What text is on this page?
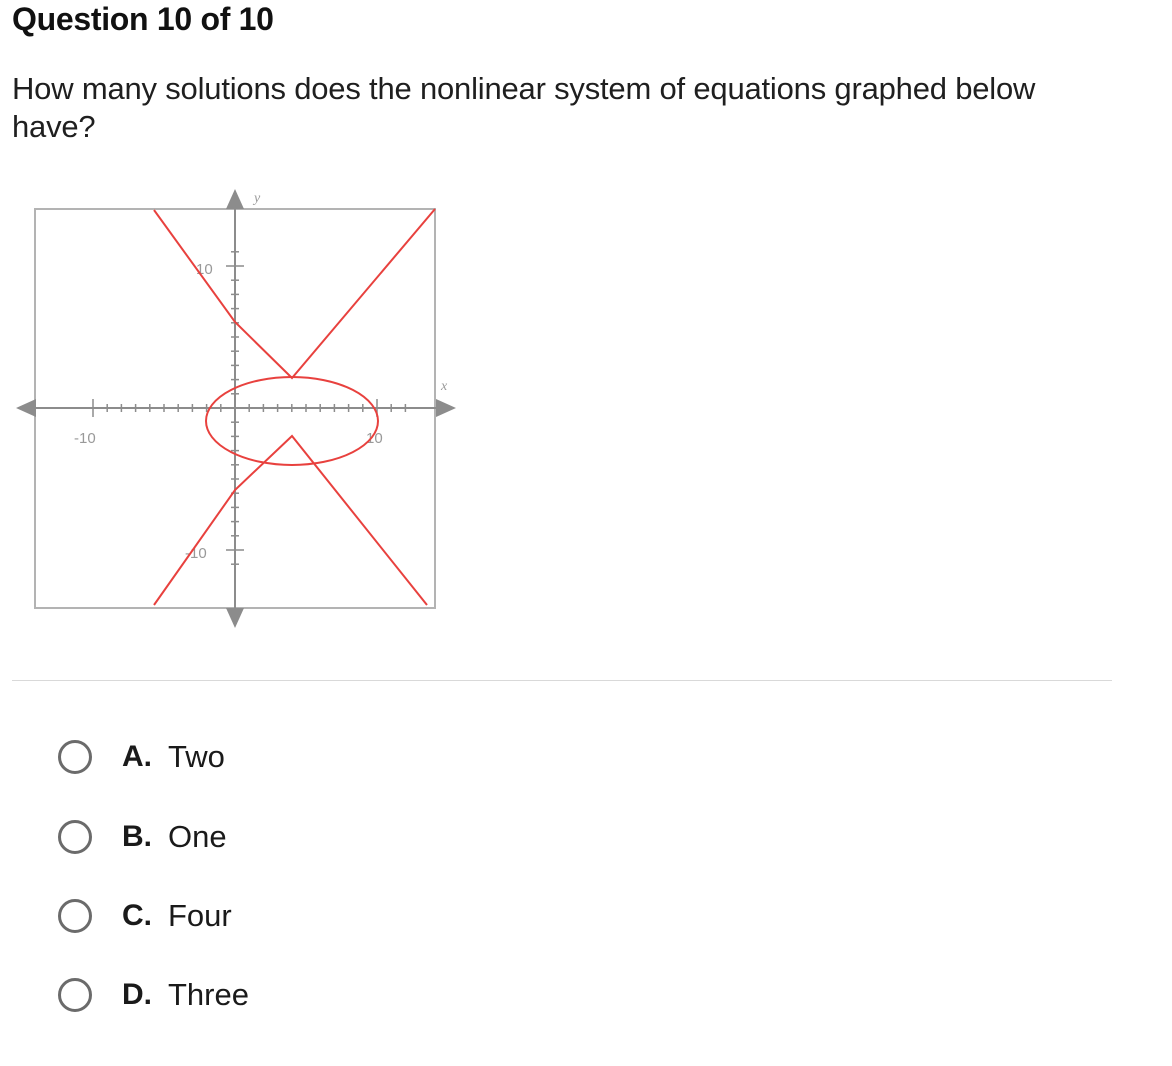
Question 10 of 10
How many solutions does the nonlinear system of equations graphed below have?
-10	10
10
-10
y
x
A. Two
B. One
C. Four
D. Three
